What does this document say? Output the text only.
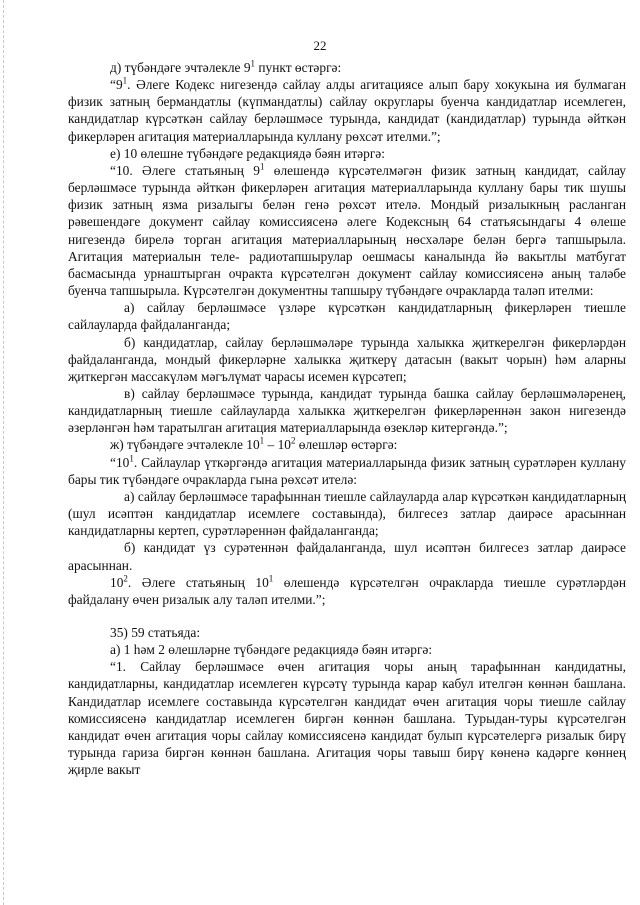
22

д) түбәндәге эчтәлекле $9^1$ пункт өстәргә:

“$9^1$. Әлеге Кодекс нигезендә сайлау алды агитациясе алып бару хокукына ия булмаган физик затның бермандатлы (күпмандатлы) сайлау округлары буенча кандидатлар исемлеген, кандидатлар күрсәткән сайлау берләшмәсе турында, кандидат (кандидатлар) турында әйткән фикерләрен агитация материалларында куллану рөхсәт ителми.”;

е) 10 өлешне түбәндәге редакциядә бәян итәргә:

“10. Әлеге статьяның $9^1$ өлешендә күрсәтелмәгән физик затның кандидат, сайлау берләшмәсе турында әйткән фикерләрен агитация материалларында куллану бары тик шушы физик затның язма ризалыгы белән генә рөхсәт ителә. Мондый ризалыкның расланган рәвешендәге документ сайлау комиссиясенә әлеге Кодексның 64 статьясындагы 4 өлеше нигезендә бирелә торган агитация материалларының нөсхәләре белән бергә тапшырыла. Агитация материалын теле- радиотапшырулар оешмасы каналында йә вакытлы матбугат басмасында урнаштырган очракта күрсәтелгән документ сайлау комиссиясенә аның таләбе буенча тапшырыла. Күрсәтелгән документны тапшыру түбәндәге очракларда таләп ителми:

а) сайлау берләшмәсе үзләре күрсәткән кандидатларның фикерләрен тиешле сайлауларда файдаланганда;

б) кандидатлар, сайлау берләшмәләре турында халыкка җиткерелгән фикерләрдән файдаланганда, мондый фикерләрне халыкка җиткерү датасын (вакыт чорын) һәм аларны җиткергән массакүләм мәгълүмат чарасы исемен күрсәтеп;

в) сайлау берләшмәсе турында, кандидат турында башка сайлау берләшмәләренең, кандидатларның тиешле сайлауларда халыкка җиткерелгән фикерләреннән закон нигезендә әзерләнгән һәм таратылган агитация материалларында өзекләр китергәндә.”;

ж) түбәндәге эчтәлекле $10^1 - 10^2$ өлешләр өстәргә:

“$10^1$. Сайлаулар үткәргәндә агитация материалларында физик затның сурәтләрен куллану бары тик түбәндәге очракларда гына рөхсәт ителә:

а) сайлау берләшмәсе тарафыннан тиешле сайлауларда алар күрсәткән кандидатларның (шул исәптән кандидатлар исемлеге составында), билгесез затлар даирәсе арасыннан кандидатларны кертеп, сурәтләреннән файдаланганда;

б) кандидат үз сурәтеннән файдаланганда, шул исәптән билгесез затлар даирәсе арасыннан.

$10^2$. Әлеге статьяның $10^1$ өлешендә күрсәтелгән очракларда тиешле сурәтләрдән файдалану өчен ризалык алу таләп ителми.”;

35) 59 статьяда:

а) 1 һәм 2 өлешләрне түбәндәге редакциядә бәян итәргә:

“1. Сайлау берләшмәсе өчен агитация чоры аның тарафыннан кандидатны, кандидатларны, кандидатлар исемлеген күрсәтү турында карар кабул ителгән көннән башлана. Кандидатлар исемлеге составында күрсәтелгән кандидат өчен агитация чоры тиешле сайлау комиссиясенә кандидатлар исемлеген биргән көннән башлана. Турыдан-туры күрсәтелгән кандидат өчен агитация чоры сайлау комиссиясенә кандидат булып күрсәтелергә ризалык бирү турында гариза биргән көннән башлана. Агитация чоры тавыш бирү көненә кадәрге көннең җирле вакыт
